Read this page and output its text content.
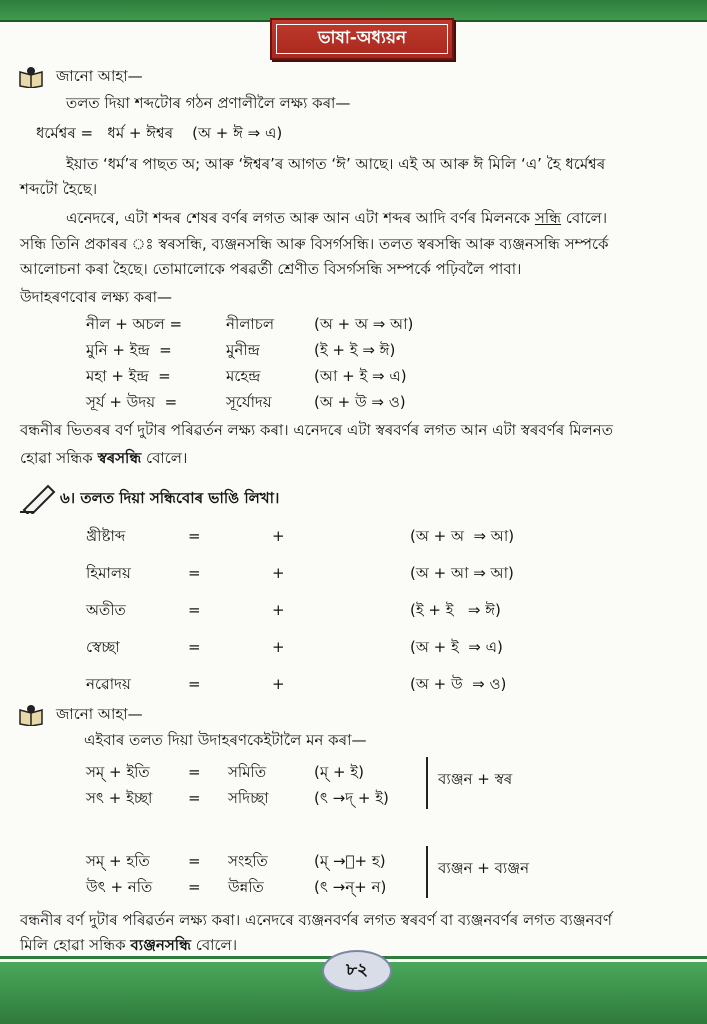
ভাষা-অধ্যয়ন
জানো আহা—
তলত দিয়া শব্দটোৰ গঠন প্ৰণালীলৈ লক্ষ্য কৰা—
ধৰ্মেশ্বৰ =   ধৰ্ম + ঈশ্বৰ    (অ + ঈ ⇒ এ)
ইয়াত ‘ধৰ্ম’ৰ পাছত অ; আৰু ‘ঈশ্বৰ’ৰ আগত ‘ঈ’ আছে। এই অ আৰু ঈ মিলি ‘এ’ হৈ ধৰ্মেশ্বৰ
শব্দটো হৈছে।
এনেদৰে, এটা শব্দৰ শেষৰ বৰ্ণৰ লগত আৰু আন এটা শব্দৰ আদি বৰ্ণৰ মিলনকে সন্ধি বোলে।
সন্ধি তিনি প্ৰকাৰৰ ঃ স্বৰসন্ধি, ব্যঞ্জনসন্ধি আৰু বিসৰ্গসন্ধি। তলত স্বৰসন্ধি আৰু ব্যঞ্জনসন্ধি সম্পৰ্কে
আলোচনা কৰা হৈছে। তোমালোকে পৰৱৰ্তী শ্ৰেণীত বিসৰ্গসন্ধি সম্পৰ্কে পঢ়িবলৈ পাবা।
উদাহৰণবোৰ লক্ষ্য কৰা—
নীল + অচল =	নীলাচল	(অ + অ ⇒ আ)
মুনি + ইন্দ্ৰ  =	মুনীন্দ্ৰ	(ই + ই ⇒ ঈ)
মহা + ইন্দ্ৰ  =	মহেন্দ্ৰ	(আ + ই ⇒ এ)
সূৰ্য + উদয়  =	সূৰ্যোদয়	(অ + উ ⇒ ও)
বন্ধনীৰ ভিতৰৰ বৰ্ণ দুটাৰ পৰিৱৰ্তন লক্ষ্য কৰা। এনেদৰে এটা স্বৰবৰ্ণৰ লগত আন এটা স্বৰবৰ্ণৰ মিলনত
হোৱা সন্ধিক স্বৰসন্ধি বোলে।
৬। তলত দিয়া সন্ধিবোৰ ভাঙি লিখা।
খ্ৰীষ্টাব্দ	=	+	(অ + অ  ⇒ আ)
হিমালয়	=	+	(অ + আ ⇒ আ)
অতীত	=	+	(ই + ই   ⇒ ঈ)
স্বেচ্ছা	=	+	(অ + ই  ⇒ এ)
নৱোদয়	=	+	(অ + উ  ⇒ ও)
জানো আহা—
এইবাৰ তলত দিয়া উদাহৰণকেইটালৈ মন কৰা—
সম্ + ইতি	= সমিতি	(ম্ + ই)
সৎ + ইচ্ছা = সদিচ্ছা	(ৎ →দ্ + ই)
সম্ + হতি	= সংহতি	(ম্ →ং+ হ)
উৎ + নতি = উন্নতি	(ৎ →ন্+ ন)
ব্যঞ্জন + স্বৰ
ব্যঞ্জন + ব্যঞ্জন
বন্ধনীৰ বৰ্ণ দুটাৰ পৰিৱৰ্তন লক্ষ্য কৰা। এনেদৰে ব্যঞ্জনবৰ্ণৰ লগত স্বৰবৰ্ণ বা ব্যঞ্জনবৰ্ণৰ লগত ব্যঞ্জনবৰ্ণ
মিলি হোৱা সন্ধিক ব্যঞ্জনসন্ধি বোলে।
৮২
